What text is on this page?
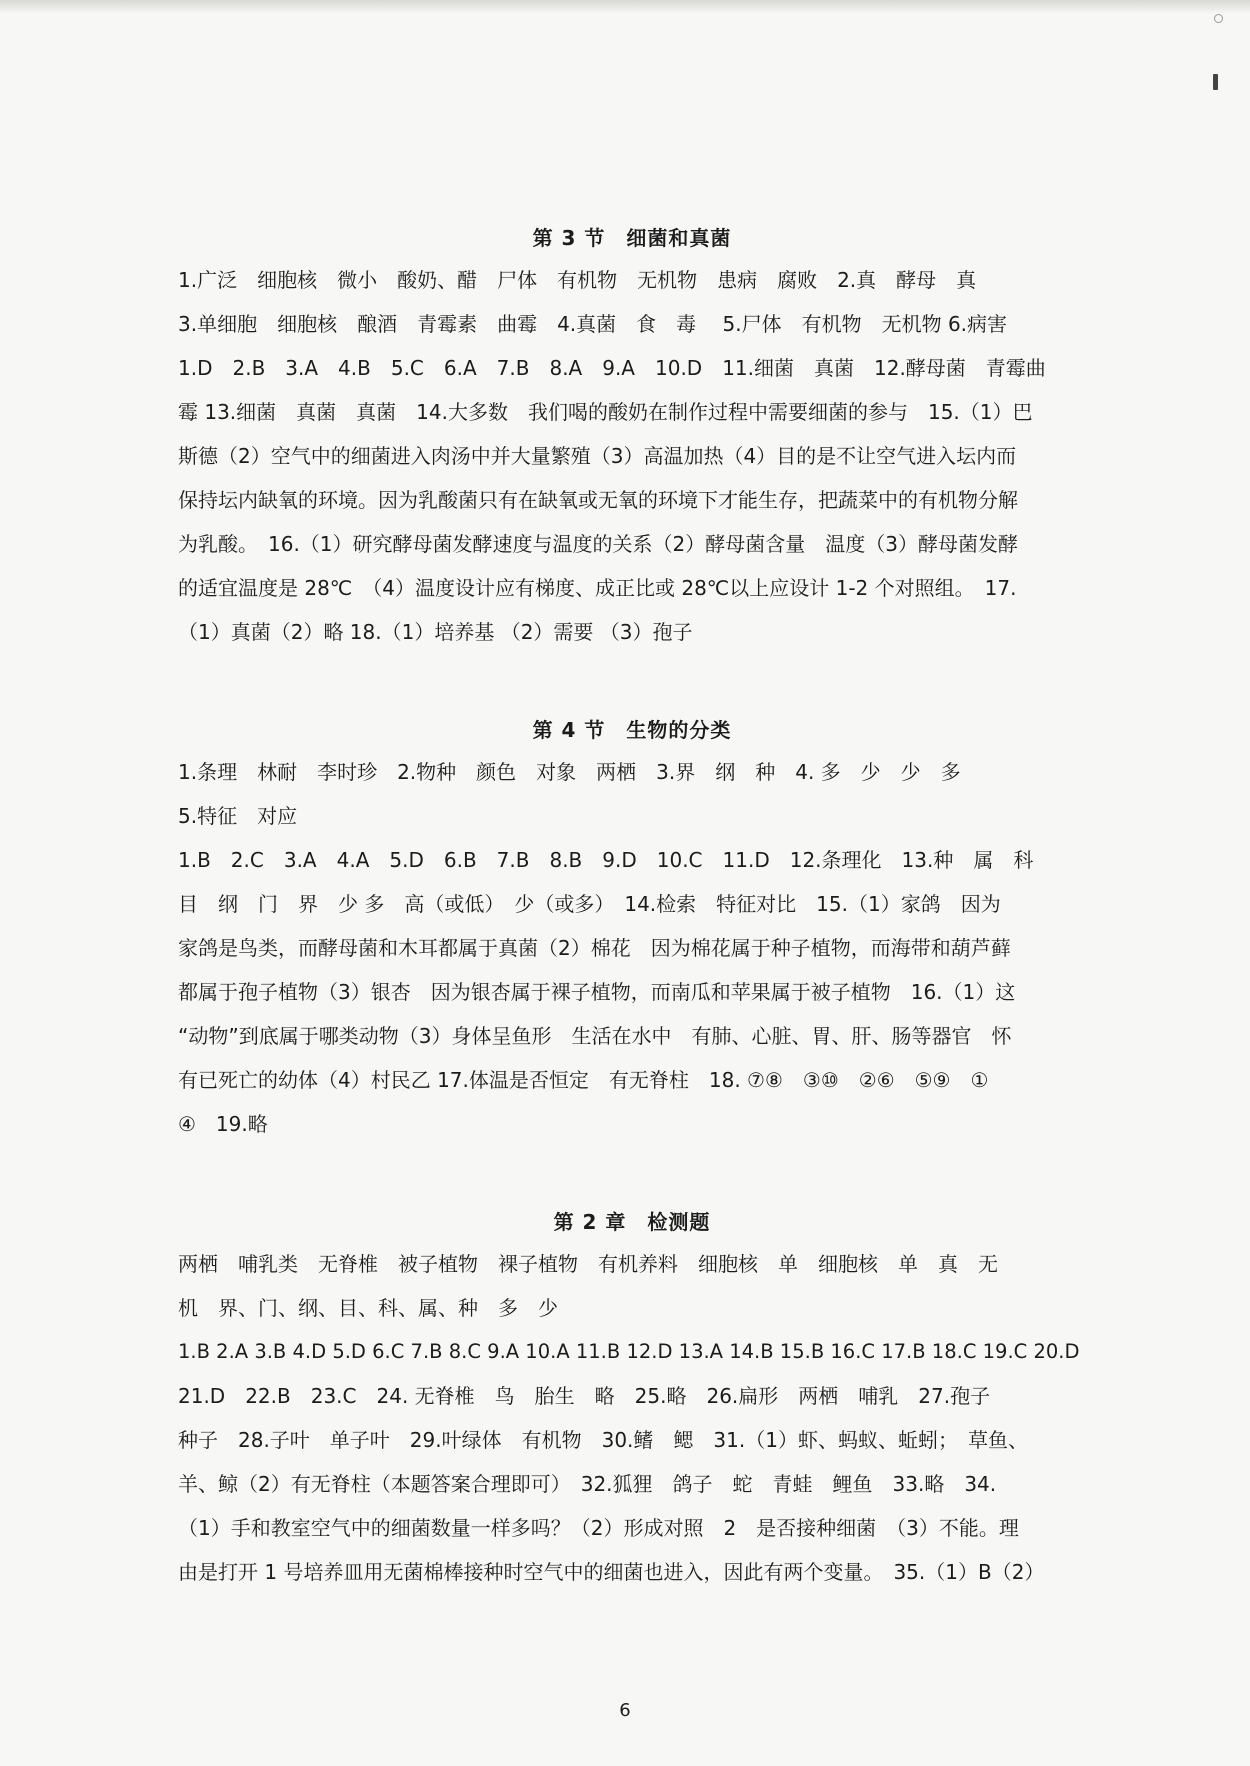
第 3 节　细菌和真菌
1.广泛　细胞核　微小　酸奶、醋　尸体　有机物　无机物　患病　腐败　2.真　酵母　真
3.单细胞　细胞核　酿酒　青霉素　曲霉　4.真菌　食　毒　 5.尸体　有机物　无机物 6.病害
1.D　2.B　3.A　4.B　5.C　6.A　7.B　8.A　9.A　10.D　11.细菌　真菌　12.酵母菌　青霉曲
霉 13.细菌　真菌　真菌　14.大多数　我们喝的酸奶在制作过程中需要细菌的参与　15.（1）巴
斯德（2）空气中的细菌进入肉汤中并大量繁殖（3）高温加热（4）目的是不让空气进入坛内而
保持坛内缺氧的环境。因为乳酸菌只有在缺氧或无氧的环境下才能生存，把蔬菜中的有机物分解
为乳酸。　16.（1）研究酵母菌发酵速度与温度的关系（2）酵母菌含量　温度（3）酵母菌发酵
的适宜温度是 28℃　（4）温度设计应有梯度、成正比或 28℃以上应设计 1-2 个对照组。　17.
（1）真菌（2）略 18.（1）培养基 （2）需要 （3）孢子
第 4 节　生物的分类
1.条理　林耐　李时珍　2.物种　颜色　对象　两栖　3.界　纲　种　4. 多　少　少　多
5.特征　对应
1.B　2.C　3.A　4.A　5.D　6.B　7.B　8.B　9.D　10.C　11.D　12.条理化　13.种　属　科
目　纲　门　界　少 多　高（或低）　少（或多）　14.检索　特征对比　15.（1）家鸽　因为
家鸽是鸟类，而酵母菌和木耳都属于真菌（2）棉花　因为棉花属于种子植物，而海带和葫芦藓
都属于孢子植物（3）银杏　因为银杏属于裸子植物，而南瓜和苹果属于被子植物　16.（1）这
“动物”到底属于哪类动物（3）身体呈鱼形　生活在水中　有肺、心脏、胃、肝、肠等器官　怀
有已死亡的幼体（4）村民乙 17.体温是否恒定　有无脊柱　18. ⑦⑧　③⑩　②⑥　⑤⑨　①
④　19.略
第 2 章　检测题
两栖　哺乳类　无脊椎　被子植物　裸子植物　有机养料　细胞核　单　细胞核　单　真　无
机　界、门、纲、目、科、属、种　多　少
1.B 2.A 3.B 4.D 5.D 6.C 7.B 8.C 9.A 10.A 11.B 12.D 13.A 14.B 15.B 16.C 17.B 18.C 19.C 20.D
21.D　22.B　23.C　24. 无脊椎　鸟　胎生　略　25.略　26.扁形　两栖　哺乳　27.孢子
种子　28.子叶　单子叶　29.叶绿体　有机物　30.鳍　鳃　31.（1）虾、蚂蚁、蚯蚓；　草鱼、
羊、鲸（2）有无脊柱（本题答案合理即可）　32.狐狸　鸽子　蛇　青蛙　鲤鱼　33.略　34.
（1）手和教室空气中的细菌数量一样多吗？（2）形成对照　2　是否接种细菌　（3）不能。理
由是打开 1 号培养皿用无菌棉棒接种时空气中的细菌也进入，因此有两个变量。　35.（1）B（2）
6
